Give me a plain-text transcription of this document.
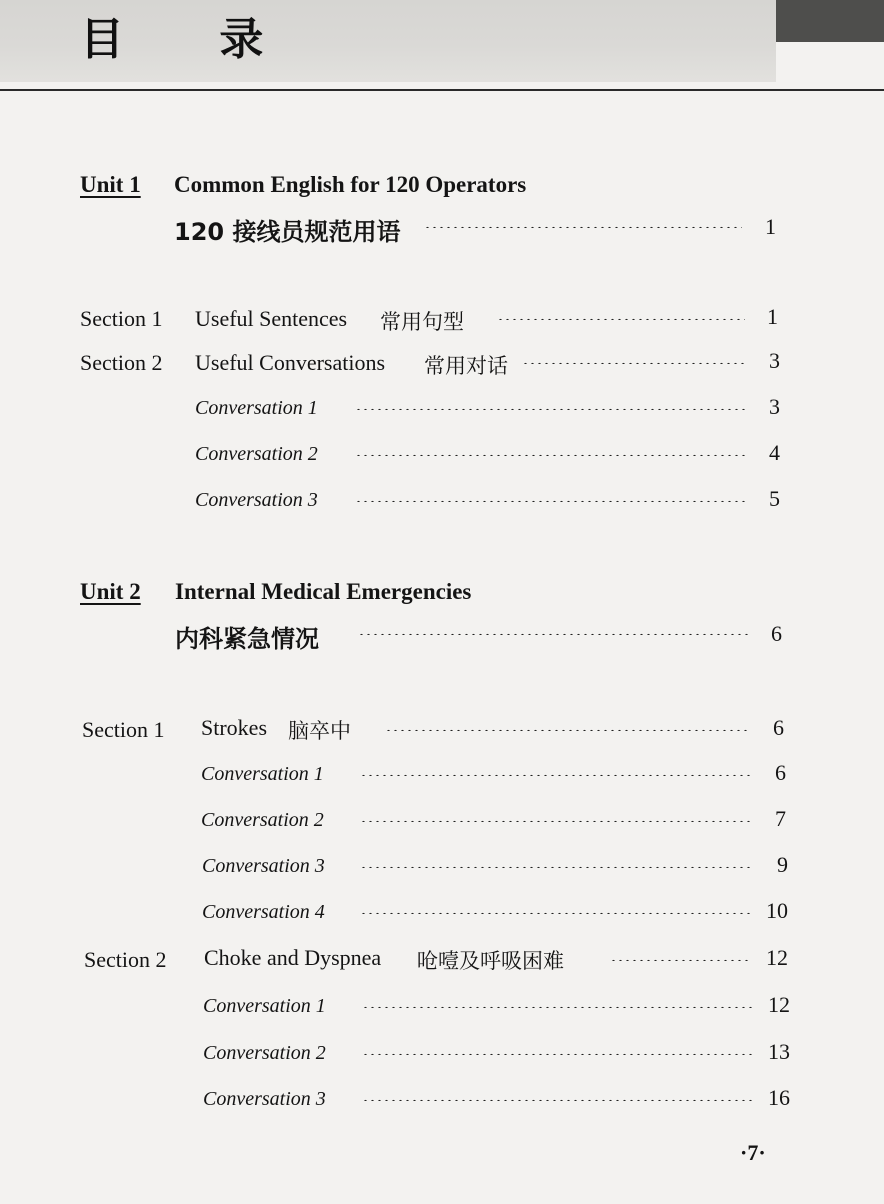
目 录
Unit 1 Common English for 120 Operators
120 接线员规范用语	1
Section 1 Useful Sentences 常用句型	1
Section 2 Useful Conversations 常用对话	3
Conversation 1	3
Conversation 2	4
Conversation 3	5
Unit 2 Internal Medical Emergencies
内科紧急情况	6
Section 1 Strokes 脑卒中	6
Conversation 1	6
Conversation 2	7
Conversation 3	9
Conversation 4	10
Section 2 Choke and Dyspnea 呛噎及呼吸困难	12
Conversation 1	12
Conversation 2	13
Conversation 3	16
·7·
